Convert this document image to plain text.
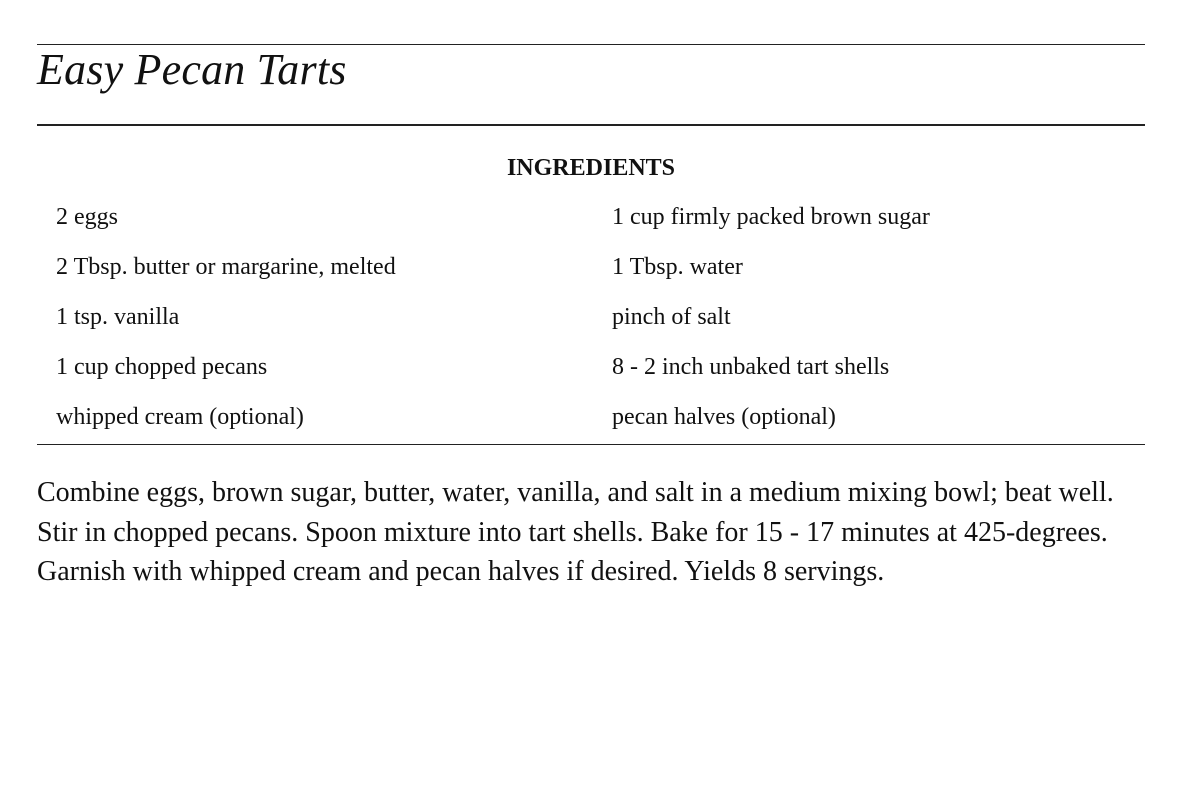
Easy Pecan Tarts
INGREDIENTS
2 eggs	1 cup firmly packed brown sugar
2 Tbsp. butter or margarine, melted	1 Tbsp. water
1 tsp. vanilla	pinch of salt
1 cup chopped pecans	8 - 2 inch unbaked tart shells
whipped cream (optional)	pecan halves (optional)

Combine eggs, brown sugar, butter, water, vanilla, and salt in a medium mixing bowl; beat well. Stir in chopped pecans. Spoon mixture into tart shells. Bake for 15 - 17 minutes at 425-degrees. Garnish with whipped cream and pecan halves if desired. Yields 8 servings.
